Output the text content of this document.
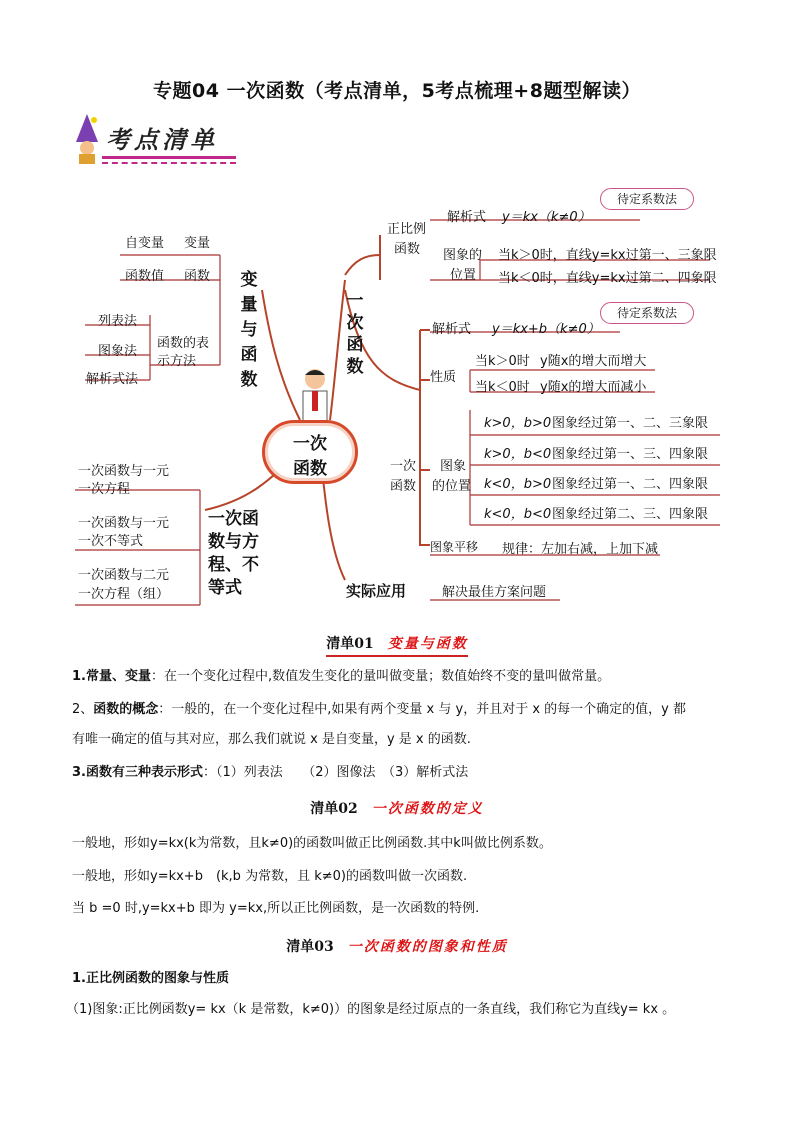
专题04 一次函数（考点清单，5考点梳理+8题型解读）
考点清单
一次
函数
自变量 变量
函数值 函数
列表法
图象法
解析式法
函数的表
示方法
变
量
与
函
数
一次函数与一元
一次方程
一次函数与一元
一次不等式
一次函数与二元
一次方程（组）
一次函
数与方
程、不
等式
一
次
函
数
正比例
函数
解析式 y＝kx（k≠0）
待定系数法
图象的
位置
当k＞0时，直线y=kx过第一、三象限
当k＜0时，直线y=kx过第二、四象限
解析式 y＝kx+b（k≠0）
待定系数法
性质
当k＞0时 y随x的增大而增大
当k＜0时 y随x的增大而减小
一次
函数
图象
的位置
k>0，b>0 图象经过第一、二、三象限
k>0，b<0 图象经过第一、三、四象限
k<0，b>0 图象经过第一、二、四象限
k<0，b<0 图象经过第二、三、四象限
图象平移 规律：左加右减，上加下减
实际应用	解决最佳方案问题
清单01 变量与函数
1.常量、变量：在一个变化过程中,数值发生变化的量叫做变量；数值始终不变的量叫做常量。
2、函数的概念：一般的，在一个变化过程中,如果有两个变量 x 与 y，并且对于 x 的每一个确定的值，y 都
有唯一确定的值与其对应，那么我们就说 x 是自变量，y 是 x 的函数.
3.函数有三种表示形式：（1）列表法　　（2）图像法　（3）解析式法
清单02 一次函数的定义
一般地，形如y=kx(k为常数，且k≠0)的函数叫做正比例函数.其中k叫做比例系数。
一般地，形如y=kx+b　(k,b 为常数，且 k≠0)的函数叫做一次函数.
当 b =0 时,y=kx+b 即为 y=kx,所以正比例函数，是一次函数的特例.
清单03 一次函数的图象和性质
1.正比例函数的图象与性质
（1)图象:正比例函数y= kx（k 是常数，k≠0)）的图象是经过原点的一条直线，我们称它为直线y= kx 。
